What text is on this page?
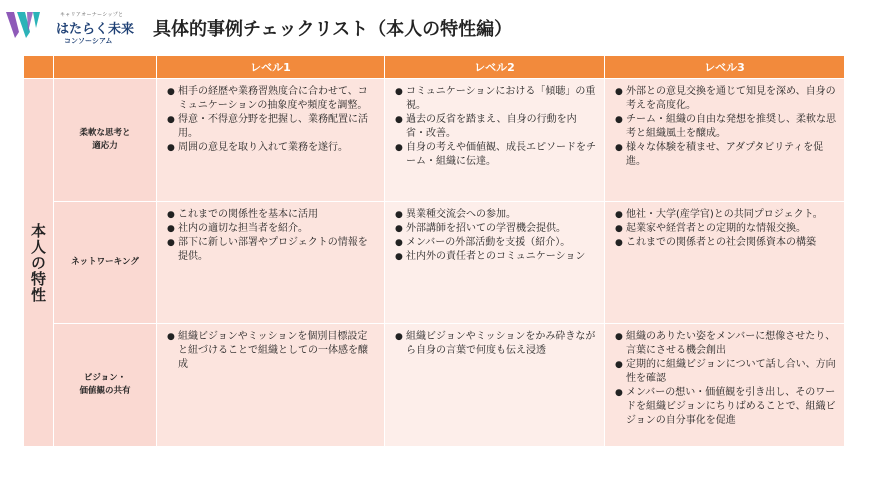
キャリアオーナーシップと
はたらく未来
コンソーシアム
具体的事例チェックリスト（本人の特性編）
レベル1	レベル2	レベル3
本人の特性
柔軟な思考と
適応力
● 相手の経歴や業務習熟度合に合わせて、コミュニケーションの抽象度や頻度を調整。
● 得意・不得意分野を把握し、業務配置に活用。
● 周囲の意見を取り入れて業務を遂行。
● コミュニケーションにおける「傾聴」の重視。
● 過去の反省を踏まえ、自身の行動を内省・改善。
● 自身の考えや価値観、成長エピソードをチーム・組織に伝達。
● 外部との意見交換を通じて知見を深め、自身の考えを高度化。
● チーム・組織の自由な発想を推奨し、柔軟な思考と組織風土を醸成。
● 様々な体験を積ませ、アダプタビリティを促進。
ネットワーキング
● これまでの関係性を基本に活用
● 社内の適切な担当者を紹介。
● 部下に新しい部署やプロジェクトの情報を提供。
● 異業種交流会への参加。
● 外部講師を招いての学習機会提供。
● メンバーの外部活動を支援（紹介）。
● 社内外の責任者とのコミュニケーション
● 他社・大学(産学官)との共同プロジェクト。
● 起業家や経営者との定期的な情報交換。
● これまでの関係者との社会関係資本の構築
ビジョン・
価値観の共有
● 組織ビジョンやミッションを個別目標設定と紐づけることで組織としての一体感を醸成
● 組織ビジョンやミッションをかみ砕きながら自身の言葉で何度も伝え浸透
● 組織のありたい姿をメンバーに想像させたり、言葉にさせる機会創出
● 定期的に組織ビジョンについて話し合い、方向性を確認
● メンバーの想い・価値観を引き出し、そのワードを組織ビジョンにちりばめることで、組織ビジョンの自分事化を促進
